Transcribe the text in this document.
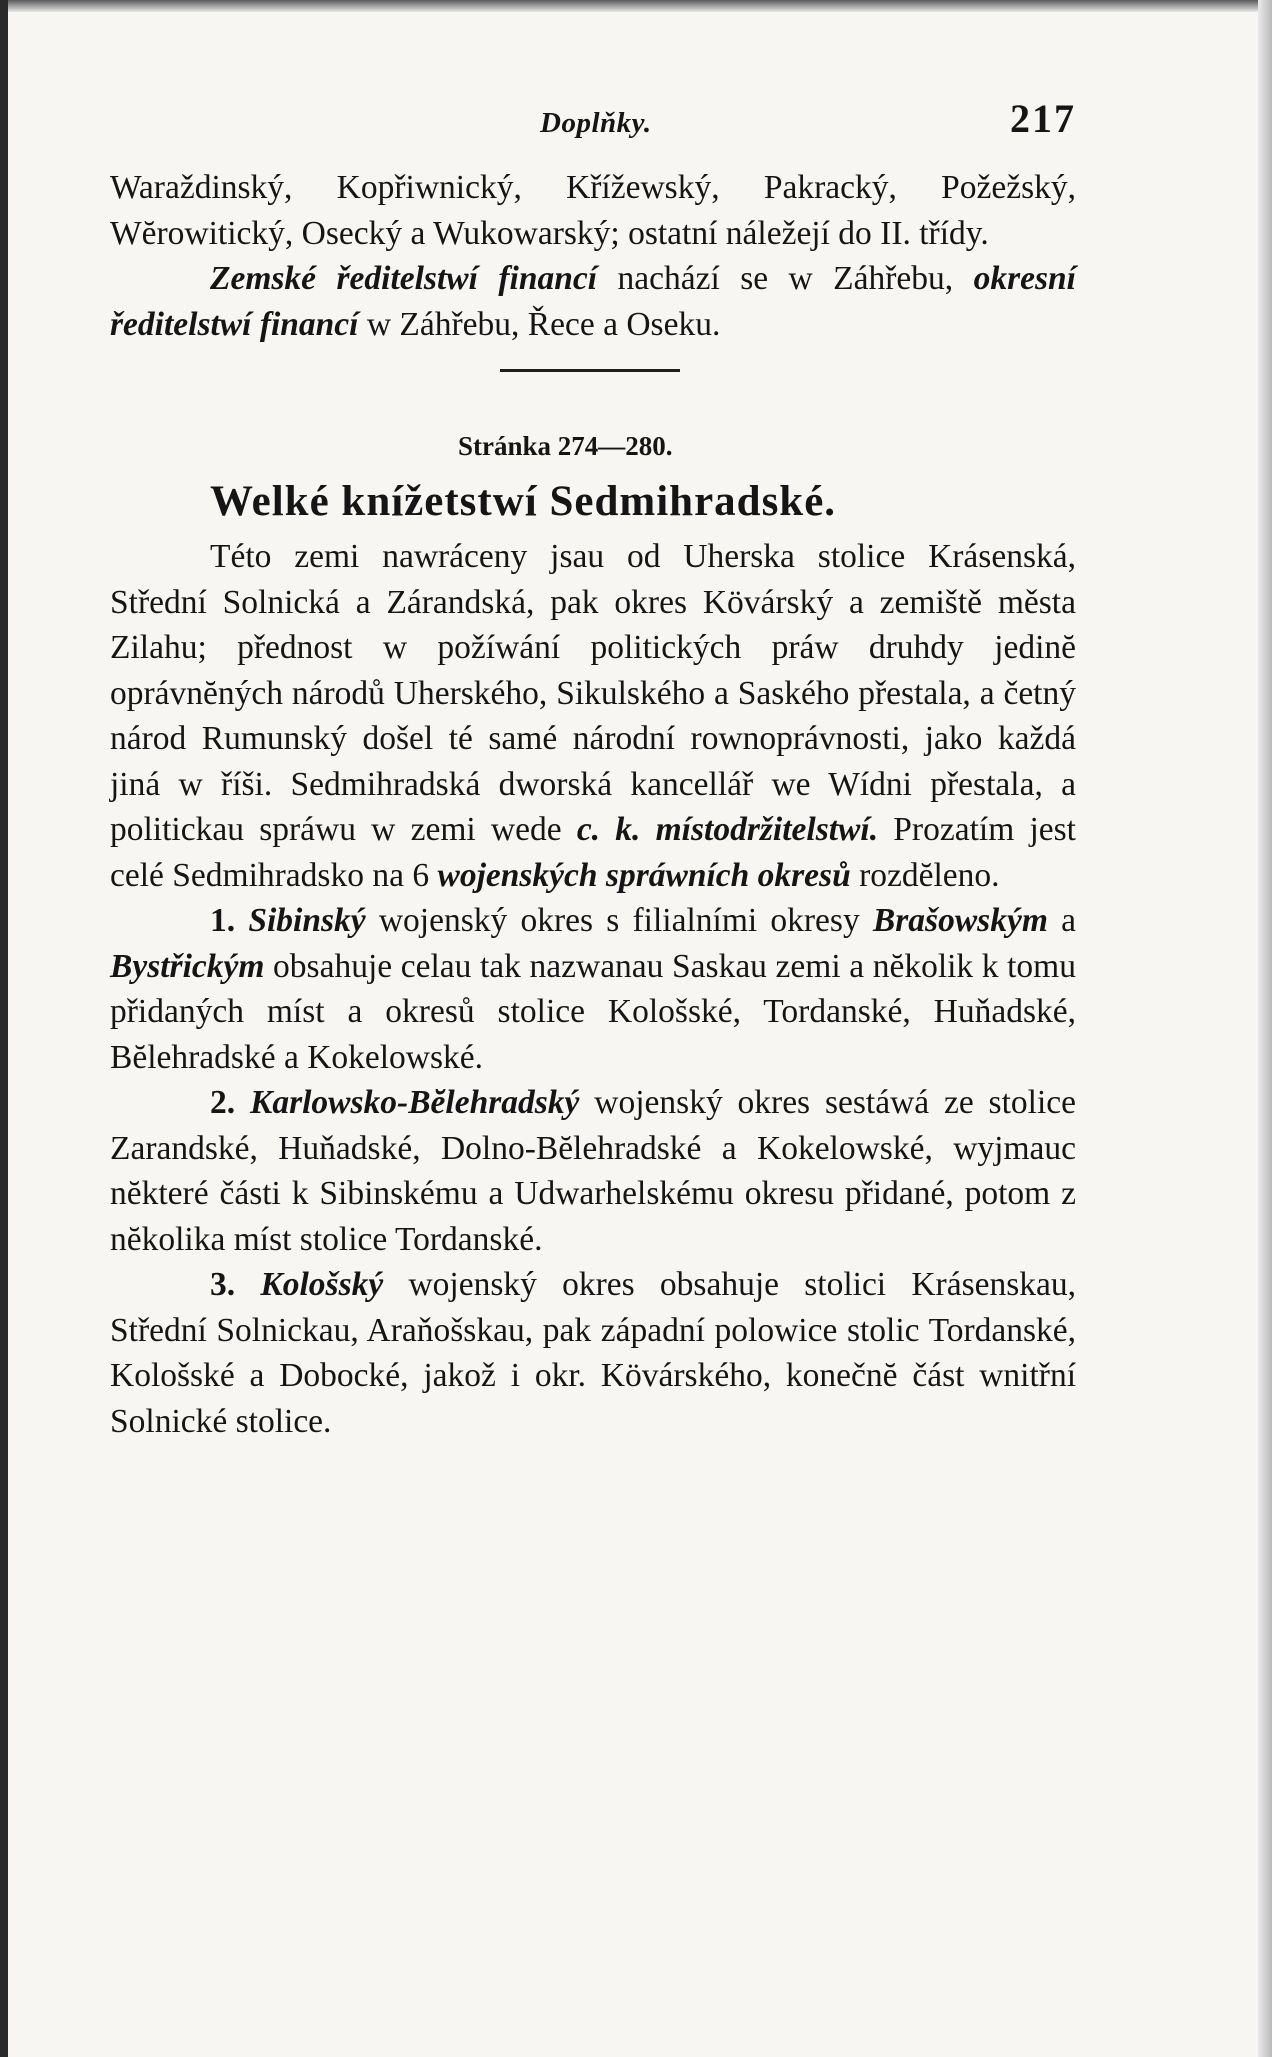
Doplňky.	217

Waraždinský, Kopřiwnický, Křížewský, Pakracký, Požežský, Wĕrowitický, Osecký a Wukowarský; ostatní náležejí do II. třídy.

Zemské ředitelstwí financí nachází se w Záhřebu, okresní ředitelstwí financí w Záhřebu, Řece a Oseku.

Stránka 274—280.
Welké knížetstwí Sedmihradské.

Této zemi nawráceny jsau od Uherska stolice Krásenská, Střední Solnická a Zárandská, pak okres Kövárský a zemiště města Zilahu; přednost w požíwání politických práw druhdy jedinĕ oprávnĕných národů Uherského, Sikulského a Saského přestala, a četný národ Rumunský došel té samé národní rownoprávnosti, jako každá jiná w říši. Sedmihradská dworská kancellář we Wídni přestala, a politickau spráwu w zemi wede c. k. místodržitelstwí. Prozatím jest celé Sedmihradsko na 6 wojenských spráwních okresů rozdĕleno.

1. Sibinský wojenský okres s filialními okresy Brašowským a Bystřickým obsahuje celau tak nazwanau Saskau zemi a nĕkolik k tomu přidaných míst a okresů stolice Kološské, Tordanské, Huňadské, Bĕlehradské a Kokelowské.

2. Karlowsko-Bĕlehradský wojenský okres sestáwá ze stolice Zarandské, Huňadské, Dolno-Bĕlehradské a Kokelowské, wyjmauc nĕkteré části k Sibinskému a Udwarhelskému okresu přidané, potom z nĕkolika míst stolice Tordanské.

3. Kološský wojenský okres obsahuje stolici Krásenskau, Střední Solnickau, Araňošskau, pak západní polowice stolic Tordanské, Kološské a Dobocké, jakož i okr. Kövárského, konečnĕ část wnitřní Solnické stolice.
